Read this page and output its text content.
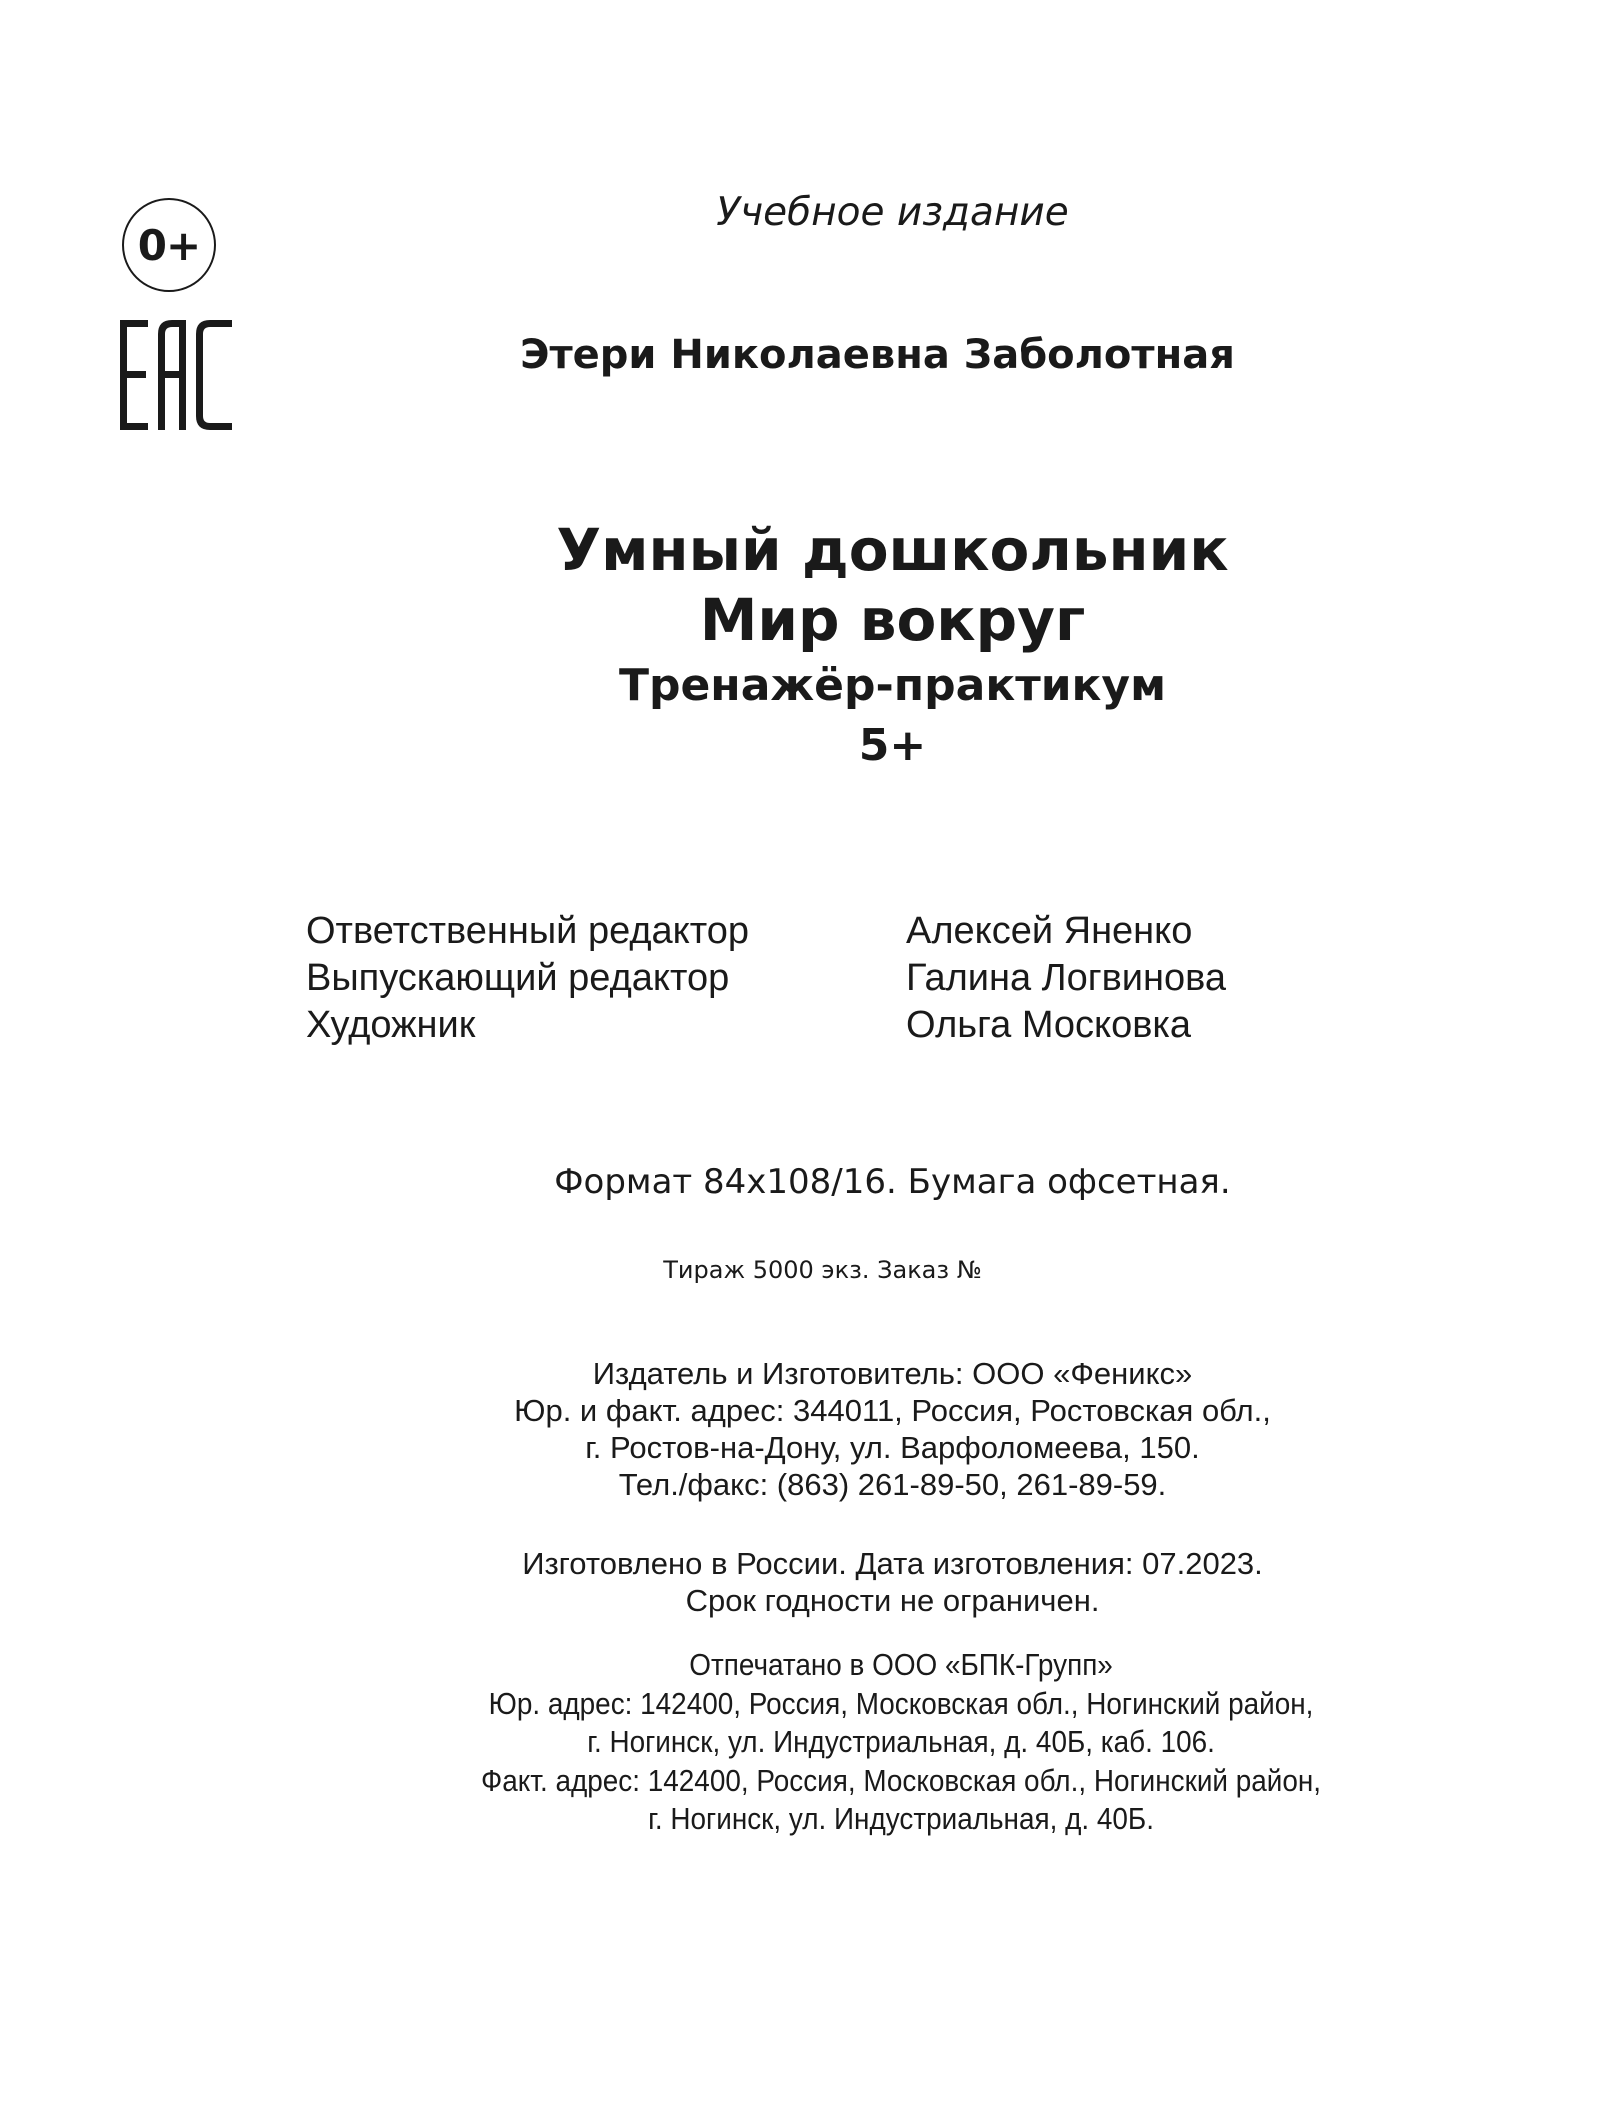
0+
Учебное издание
Этери Николаевна Заболотная
Умный дошкольник
Мир вокруг
Тренажёр-практикум
5+
Ответственный редактор	Алексей Яненко
Выпускающий редактор	Галина Логвинова
Художник	Ольга Московка
Формат 84x108/16. Бумага офсетная.
Тираж 5000 экз. Заказ №
Издатель и Изготовитель: ООО «Феникс»
Юр. и факт. адрес: 344011, Россия, Ростовская обл.,
г. Ростов-на-Дону, ул. Варфоломеева, 150.
Тел./факс: (863) 261-89-50, 261-89-59.
Изготовлено в России. Дата изготовления: 07.2023.
Срок годности не ограничен.
Отпечатано в ООО «БПК-Групп»
Юр. адрес: 142400, Россия, Московская обл., Ногинский район,
г. Ногинск, ул. Индустриальная, д. 40Б, каб. 106.
Факт. адрес: 142400, Россия, Московская обл., Ногинский район,
г. Ногинск, ул. Индустриальная, д. 40Б.
